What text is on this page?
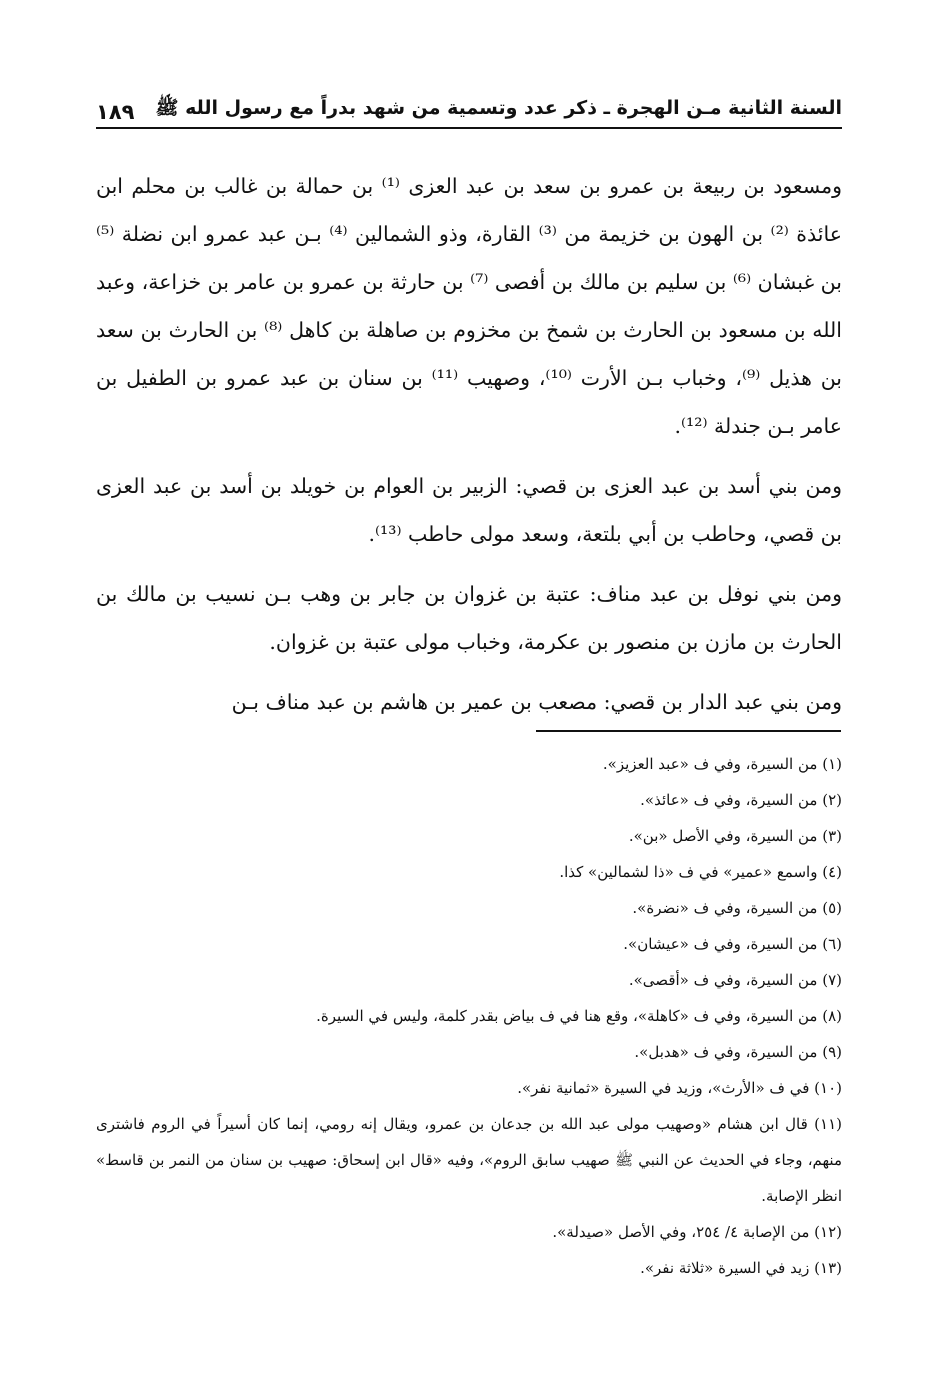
السنة الثانية مـن الهجرة ـ ذكر عدد وتسمية من شهد بدراً مع رسول الله ﷺ
١٨٩

ومسعود بن ربيعة بن عمرو بن سعد بن عبد العزى ⁽¹⁾ بن حمالة بن غالب بن محلم ابن عائذة ⁽²⁾ بن الهون بن خزيمة من ⁽³⁾ القارة، وذو الشمالين ⁽⁴⁾ بـن عبد عمرو ابن نضلة ⁽⁵⁾ بن غبشان ⁽⁶⁾ بن سليم بن مالك بن أفصى ⁽⁷⁾ بن حارثة بن عمرو بن عامر بن خزاعة، وعبد الله بن مسعود بن الحارث بن شمخ بن مخزوم بن صاهلة بن كاهل ⁽⁸⁾ بن الحارث بن سعد بن هذيل ⁽⁹⁾، وخباب بـن الأرت ⁽¹⁰⁾، وصهيب ⁽¹¹⁾ بن سنان بن عبد عمرو بن الطفيل بن عامر بـن جندلة ⁽¹²⁾.

ومن بني أسد بن عبد العزى بن قصي: الزبير بن العوام بن خويلد بن أسد بن عبد العزى بن قصي، وحاطب بن أبي بلتعة، وسعد مولى حاطب ⁽¹³⁾.

ومن بني نوفل بن عبد مناف: عتبة بن غزوان بن جابر بن وهب بـن نسيب بن مالك بن الحارث بن مازن بن منصور بن عكرمة، وخباب مولى عتبة بن غزوان.

ومن بني عبد الدار بن قصي: مصعب بن عمير بن هاشم بن عبد مناف بـن

(١) من السيرة، وفي ف «عبد العزيز».

(٢) من السيرة، وفي ف «عائذ».

(٣) من السيرة، وفي الأصل «بن».

(٤) واسمع «عمير» في ف «ذا لشمالين» كذا.

(٥) من السيرة، وفي ف «نضرة».

(٦) من السيرة، وفي ف «عيشان».

(٧) من السيرة، وفي ف «أقصى».

(٨) من السيرة، وفي ف «كاهلة»، وقع هنا في ف بياض بقدر كلمة، وليس في السيرة.

(٩) من السيرة، وفي ف «هدبل».

(١٠) في ف «الأرث»، وزيد في السيرة «ثمانية نفر».

(١١) قال ابن هشام «وصهيب مولى عبد الله بن جدعان بن عمرو، ويقال إنه رومي، إنما كان أسيراً في الروم فاشترى منهم، وجاء في الحديث عن النبي ﷺ صهيب سابق الروم»، وفيه «قال ابن إسحاق: صهيب بن سنان من النمر بن قاسط» انظر الإصابة.

(١٢) من الإصابة ٤/ ٢٥٤، وفي الأصل «صيدلة».

(١٣) زيد في السيرة «ثلاثة نفر».
